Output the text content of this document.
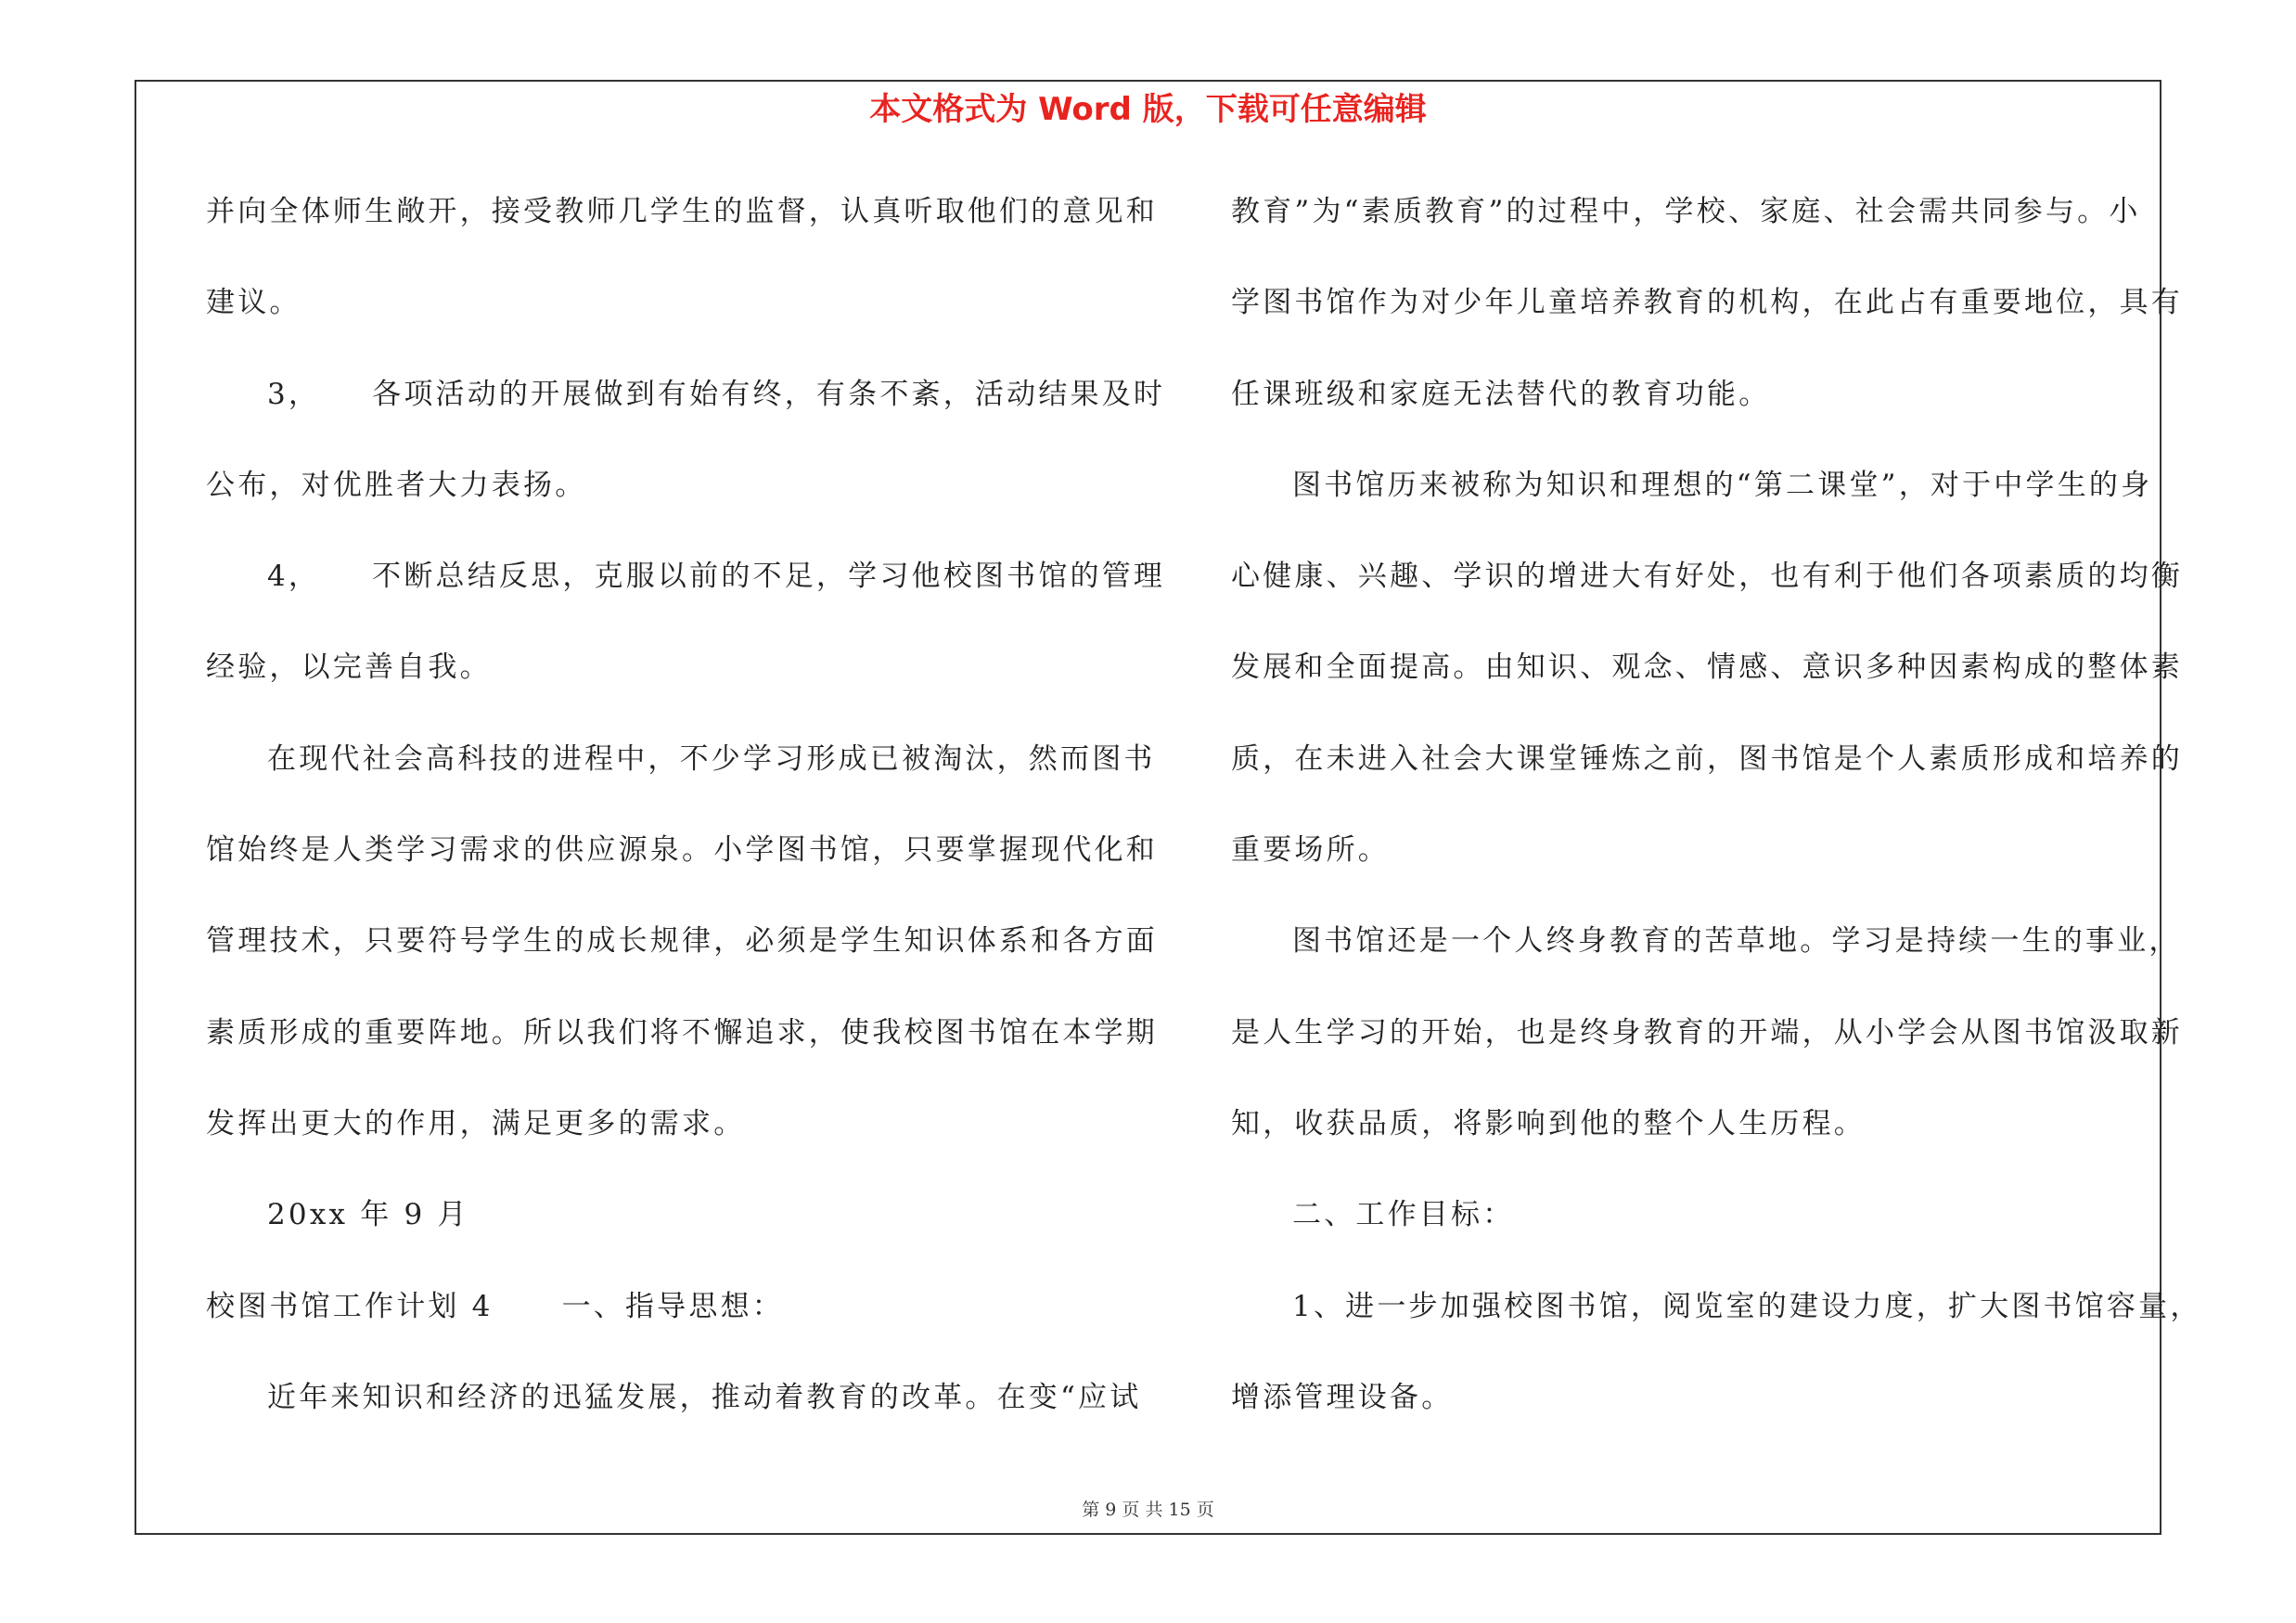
本文格式为 Word 版，下载可任意编辑
并向全体师生敞开，接受教师几学生的监督，认真听取他们的意见和
建议。
3， 各项活动的开展做到有始有终，有条不紊，活动结果及时
公布，对优胜者大力表扬。
4， 不断总结反思，克服以前的不足，学习他校图书馆的管理
经验，以完善自我。
在现代社会高科技的进程中，不少学习形成已被淘汰，然而图书
馆始终是人类学习需求的供应源泉。小学图书馆，只要掌握现代化和
管理技术，只要符号学生的成长规律，必须是学生知识体系和各方面
素质形成的重要阵地。所以我们将不懈追求，使我校图书馆在本学期
发挥出更大的作用，满足更多的需求。
20xx 年 9 月
校图书馆工作计划 4 一、指导思想：
近年来知识和经济的迅猛发展，推动着教育的改革。在变“应试
教育”为“素质教育”的过程中，学校、家庭、社会需共同参与。小
学图书馆作为对少年儿童培养教育的机构，在此占有重要地位，具有
任课班级和家庭无法替代的教育功能。
图书馆历来被称为知识和理想的“第二课堂”，对于中学生的身
心健康、兴趣、学识的增进大有好处，也有利于他们各项素质的均衡
发展和全面提高。由知识、观念、情感、意识多种因素构成的整体素
质，在未进入社会大课堂锤炼之前，图书馆是个人素质形成和培养的
重要场所。
图书馆还是一个人终身教育的苦草地。学习是持续一生的事业，
是人生学习的开始，也是终身教育的开端，从小学会从图书馆汲取新
知，收获品质，将影响到他的整个人生历程。
二、工作目标：
1、进一步加强校图书馆，阅览室的建设力度，扩大图书馆容量，
增添管理设备。
第 9 页 共 15 页
